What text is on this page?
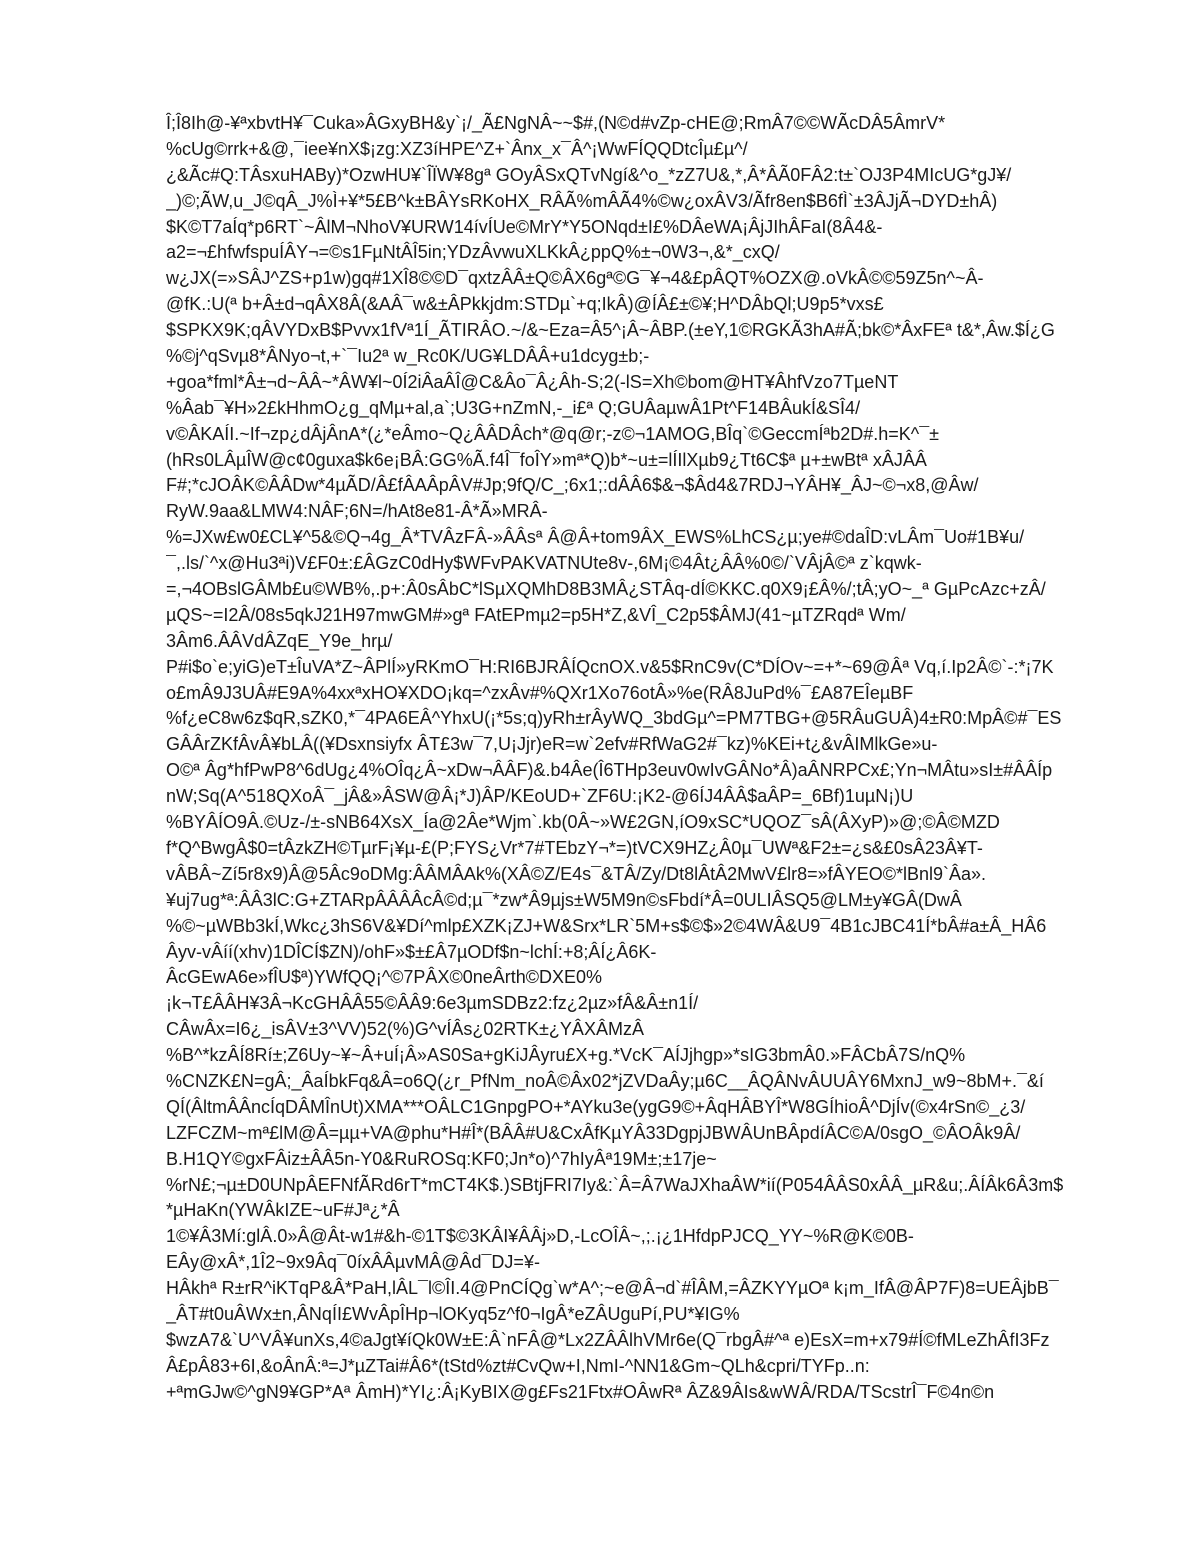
Î;Î8Ih@-¥ªxbvtH¥¯Cuka»ÂGxyBH&y`¡/_Ã£NgNÂ~~$#,(N©d#vZp-cHE@;RmÂ7©©WÃcDÂ5ÂmrV*
%cUg©rrk+&@,¯iee¥nX$¡zg:XZ3íHPE^Z+`Ânx_x¯Â^¡WwFÍQQDtcÎµ£µ^/
¿&Ãc#Q:TÂsxuHABy)*OzwHU¥`ÎÏW¥8gª GOyÂSxQTvNgí&^o_*zZ7U&,*,Â*ÂÃ0FÂ2:t±`OJ3P4MIcUG*gJ¥/
_)©;ÃW,u_J©qÂ_J%Ì+¥*5£B^k±BÂYsRKoHX_RÂÃ%mÂÃ4%©w¿oxÂV3/Ãfr8en$B6fÌ`±3ÂJjÃ¬DYD±hÂ)
$K©T7aÍq*p6RT`~ÂlM¬NhoV¥URW14ívÍUe©MrY*Y5ONqd±I£%DÂeWA¡ÂjJIhÂFaI(8Â4&-
a2=¬£hfwfspuÍÂY¬=©s1FµNtÂÎ5in;YDzÂvwuXLKkÂ¿ppQ%±¬0W3¬,&*_cxQ/
w¿JX(=»SÂJ^ZS+p1w)gq#1XÎ8©©D¯qxtzÂÂ±Q©ÂX6gª©G¯¥¬4&£pÂQT%OZX@.oVkÂ©©59Z5n^~Â-
@fK.:U(ª b+Â±d¬qÂX8Â(&AÂ¯w&±ÂPkkjdm:STDµ`+q;IkÂ)@ÍÂ£±©¥;H^DÂbQl;U9p5*vxs£
$SPKX9K;qÂVYDxB$Pvvx1fVª1Í_ÃTIRÂO.~/&~Eza=Â5^¡Â~ÂBP.(±eY,1©RGKÃ3hA#Ã;bk©*ÂxFEª t&*,Âw.$Í¿G
%©j^qSvµ8*ÂNyo¬t,+`¯Iu2ª w_Rc0K/UG¥LDÂÂ+u1dcyg±b;-
+goa*fml*Â±¬d~ÂÂ~*ÂW¥l~0Í2iÂaÂÎ@C&Âo¯Â¿Âh-S;2(-lS=Xh©bom@HT¥ÂhfVzo7TµeNT
%Âab¯¥H»2£kHhmO¿g_qMµ+al,a`;U3G+nZmN,-_i£ª Q;GUÂaµwÂ1Pt^F14BÂukÍ&SÎ4/
v©ÂKAÍI.~If¬zp¿dÂjÂnA*(¿*eÂmo~Q¿ÂÂDÂch*@q@r;-z©¬1AMOG,BÎq`©GeccmÍªb2D#.h=K^¯±
(hRs0LÂµÎW@c¢0guxa$k6e¡BÂ:GG%Ã.f4Î¯foÎY»mª*Q)b*~u±=lÍIlXµb9¿Tt6C$ª µ+±wBtª xÂJÂÂ
F#;*cJOÂK©ÂÂDw*4µÃD/Â£fÂAÂpÂV#Jp;9fQ/C_;6x1;:dÂÂ6$&¬$Âd4&7RDJ¬YÂH¥_ÂJ~©¬x8,@Âw/
RyW.9aa&LMW4:NÂF;6N=/hAt8e81-Â*Ã»MRÂ-
%=JXw£w0£CL¥^5&©Q¬4g_Â*TVÂzFÂ-»ÂÂsª Â@Â+tom9ÂX_EWS%LhCS¿µ;ye#©daÎD:vLÂm¯Uo#1B¥u/
¯,.ls/`^x@Hu3ªi)V£F0±:£ÂGzC0dHy$WFvPAKVATNUte8v-,6M¡©4Ât¿ÂÂ%0©/`VÂjÂ©ª z`kqwk-
=,¬4OBslGÂMb£u©WB%,.p+:Â0sÂbC*lSµXQMhD8B3MÂ¿STÂq-dÍ©KKC.q0X9¡£Â%/;tÂ;yO~_ª GµPcAzc+zÂ/
µQS~=I2Â/08s5qkJ21H97mwGM#»gª FAtEPmµ2=p5H*Z,&VÎ_C2p5$ÂMJ(41~µTZRqdª Wm/
3Âm6.ÂÂVdÂZqE_Y9e_hrµ/
P#i$o`e;yiG)eT±ÎuVA*Z~ÂPlÍ»yRKmO¯H:RI6BJRÂÍQcnOX.v&5$RnC9v(C*DÍOv~=+*~69@Âª Vq,í.Ip2Â©`-:*¡7K
o£mÂ9J3UÂ#E9A%4xxªxHO¥XDO¡kq=^zxÂv#%QXr1Xo76otÂ»%e(RÂ8JuPd%¯£A87EÎeµBF
%f¿eC8w6z$qR,sZK0,*¯4PA6EÂ^YhxU(¡*5s;q)yRh±rÂyWQ_3bdGµ^=PM7TBG+@5RÂuGUÂ)4±R0:MpÂ©#¯ES
GÂÂrZKfÂvÂ¥bLÂ((¥Dsxnsiyfx ÂT£3w¯7,U¡Jjr)eR=w`2efv#RfWaG2#¯kz)%KEi+t¿&vÂIMlkGe»u-
O©ª Âg*hfPwP8^6dUg¿4%OÎq¿Â~xDw¬ÂÂF)&.b4Âe(Î6THp3euv0wIvGÂNo*Â)aÂNRPCx£;Yn¬MÂtu»sI±#ÂÂÍp
nW;Sq(A^518QXoÂ¯_jÂ&»ÂSW@Â¡*J)ÂP/KEoUD+`ZF6U:¡K2-@6ÍJ4ÂÂ$aÂP=_6Bf)1uµN¡)U
%BYÂÍO9Â.©Uz-/±-sNB64XsX_Ía@2Âe*Wjm`.kb(0Â~»W£2GN,íO9xSC*UQOZ¯sÂ(ÂXyP)»@;©Â©MZD
f*Q^BwgÂ$0=tÂzkZH©TµrF¡¥µ-£(P;FYS¿Vr*7#TEbzY¬*=)tVCX9HZ¿Â0µ¯UWª&F2±=¿s&£0sÂ23Â¥T-
vÂBÂ~Zí5r8x9)Â@5Âc9oDMg:ÂÂMÂAk%(XÂ©Z/E4s¯&TÂ/Zy/Dt8lÂtÂ2MwV£lr8=»fÂYEO©*lBnl9`Âa».
¥uj7ug*ª:ÂÂ3lC:G+ZTARpÂÂÂÂcÂ©d;µ¯*zw*Â9µjs±W5M9n©sFbdí*Â=0ULIÂSQ5@LM±y¥GÂ(DwÂ
%©~µWBb3kÍ,Wkc¿3hS6V&¥Dí^mlp£XZK¡ZJ+W&Srx*LR`5M+s$©$»2©4WÂ&U9¯4B1cJBC41Í*bÂ#a±Â_HÂ6
Âyv-vÂíí(xhv)1DÎCÍ$ZN)/ohF»$±£Â7µODf$n~lchÍ:+8;ÂÍ¿Â6K-
ÂcGEwA6e»fÎU$ª)YWfQQ¡^©7PÂX©0neÂrth©DXE0%
¡k¬T£ÂÂH¥3Â¬KcGHÂÂ55©ÂÂ9:6e3µmSDBz2:fz¿2µz»fÂ&Â±n1Í/
CÂwÂx=I6¿_isÂV±3^VV)52(%)G^vÍÂs¿02RTK±¿YÂXÂMzÂ
%B^*kzÂÍ8Rí±;Z6Uy~¥~Â+uÍ¡Â»AS0Sa+gKiJÂyru£X+g.*VcK¯AÍJjhgp»*sIG3bmÂ0.»FÂCbÂ7S/nQ%
%CNZK£N=gÂ;_ÂaÍbkFq&Â=o6Q(¿r_PfNm_noÂ©Âx02*jZVDaÂy;µ6C__ÂQÂNvÂUUÂY6MxnJ_w9~8bM+.¯&í
QÍ(ÂltmÂÂncÍqDÂMÎnUt)XMA***OÂLC1GnpgPO+*AYku3e(ygG9©+ÂqHÂBYÎ*W8GÍhioÂ^DjÍv(©x4rSn©_¿3/
LZFCZM~mª£lM@Â=µµ+VA@phu*H#Î*(BÂÂ#U&CxÂfKµYÂ33DgpjJBWÂUnBÂpdíÂC©A/0sgO_©ÂOÂk9Â/
B.H1QY©gxFÂiz±ÂÂ5n-Y0&RuROSq:KF0;Jn*o)^7hIyÂª19M±;±17je~
%rN£;¬µ±D0UNpÂEFNfÃRd6rT*mCT4K$.)SBtjFRI7Iy&:`Â=Â7WaJXhaÂW*ií(P054ÂÂS0xÂÂ_µR&u;.ÂÍÂk6Â3m$
*µHaKn(YWÂkIZE~uF#Jª¿*Â
1©¥Â3Mí:glÂ.0»Â@Ât-w1#&h-©1T$©3KÂI¥ÂÂj»D,-LcOÎÂ~,;.¡¿1HfdpPJCQ_YY~%R@K©0B-
EÂy@xÂ*,1Î2~9x9Âq¯0íxÂÂµvMÂ@Âd¯DJ=¥-
HÂkhª R±rR^iKTqP&Â*PaH,lÂL¯l©ÎI.4@PnCÍQg`w*A^;~e@Â¬d`#ÎÂM,=ÂZKYYµOª k¡m_IfÂ@ÂP7F)8=UEÂjbB¯
_ÂT#t0uÂWx±n,ÂNqÍI£WvÂpÎHp¬lOKyq5z^f0¬IgÂ*eZÂUguPí,PU*¥IG%
$wzA7&`U^VÂ¥unXs,4©aJgt¥íQk0W±E:Â`nFÂ@*Lx2ZÂÂlhVMr6e(Q¯rbgÂ#^ª e)EsX=m+x79#Í©fMLeZhÂfI3Fz
Â£pÂ83+6I,&oÂnÂ:ª=J*µZTai#Â6*(tStd%zt#CvQw+I,NmI-^NN1&Gm~QLh&cpri/TYFp..n:
+ªmGJw©^gN9¥GP*Aª ÂmH)*YI¿:Â¡KyBIX@g£Fs21Ftx#OÂwRª ÂZ&9ÂIs&wWÂ/RDA/TScstrÎ¯F©4n©n
